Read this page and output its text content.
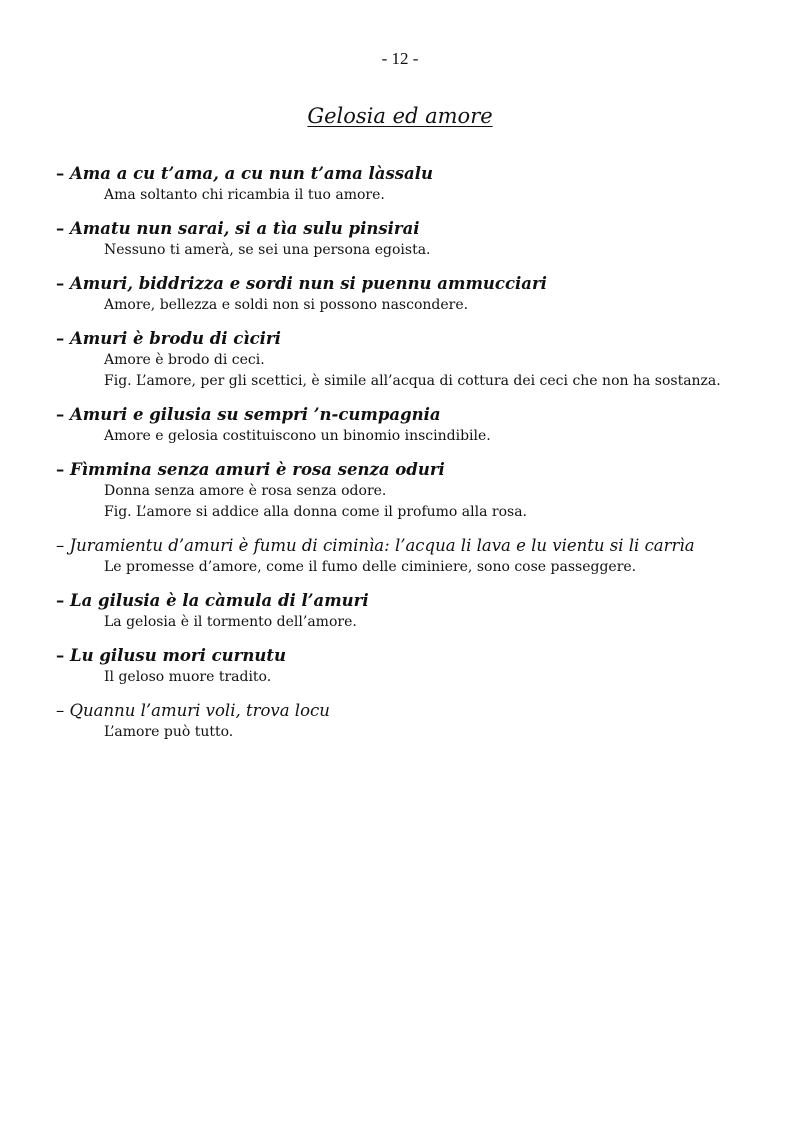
- 12 -
Gelosia ed amore
– Ama a cu t’ama, a cu nun t’ama làssalu
Ama soltanto chi ricambia il tuo amore.
– Amatu nun sarai, si a tìa sulu pinsirai
Nessuno ti amerà, se sei una persona egoista.
– Amuri, biddrizza e sordi nun si puennu ammucciari
Amore, bellezza e soldi non si possono nascondere.
– Amuri è brodu di cìciri
Amore è brodo di ceci.
Fig. L’amore, per gli scettici, è simile all’acqua di cottura dei ceci che non ha sostanza.
– Amuri e gilusia su sempri ’n-cumpagnia
Amore e gelosia costituiscono un binomio inscindibile.
– Fìmmina senza amuri è rosa senza oduri
Donna senza amore è rosa senza odore.
Fig. L’amore si addice alla donna come il profumo alla rosa.
– Juramientu d’amuri è fumu di ciminìa: l’acqua li lava e lu vientu si li carrìa
Le promesse d’amore, come il fumo delle ciminiere, sono cose passeggere.
– La gilusia è la càmula di l’amuri
La gelosia è il tormento dell’amore.
– Lu gilusu mori curnutu
Il geloso muore tradito.
– Quannu l’amuri voli, trova locu
L’amore può tutto.
